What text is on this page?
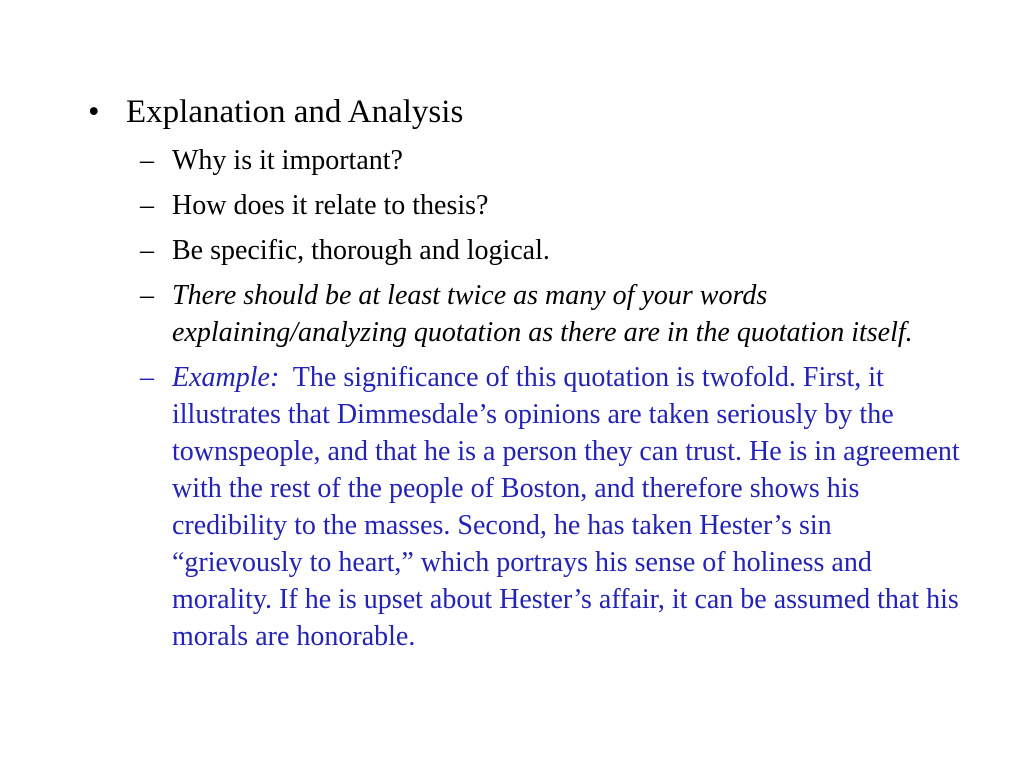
• Explanation and Analysis
– Why is it important?
– How does it relate to thesis?
– Be specific, thorough and logical.
– There should be at least twice as many of your words explaining/analyzing quotation as there are in the quotation itself.
– Example: The significance of this quotation is twofold. First, it illustrates that Dimmesdale’s opinions are taken seriously by the townspeople, and that he is a person they can trust. He is in agreement with the rest of the people of Boston, and therefore shows his credibility to the masses. Second, he has taken Hester’s sin “grievously to heart,” which portrays his sense of holiness and morality. If he is upset about Hester’s affair, it can be assumed that his morals are honorable.
